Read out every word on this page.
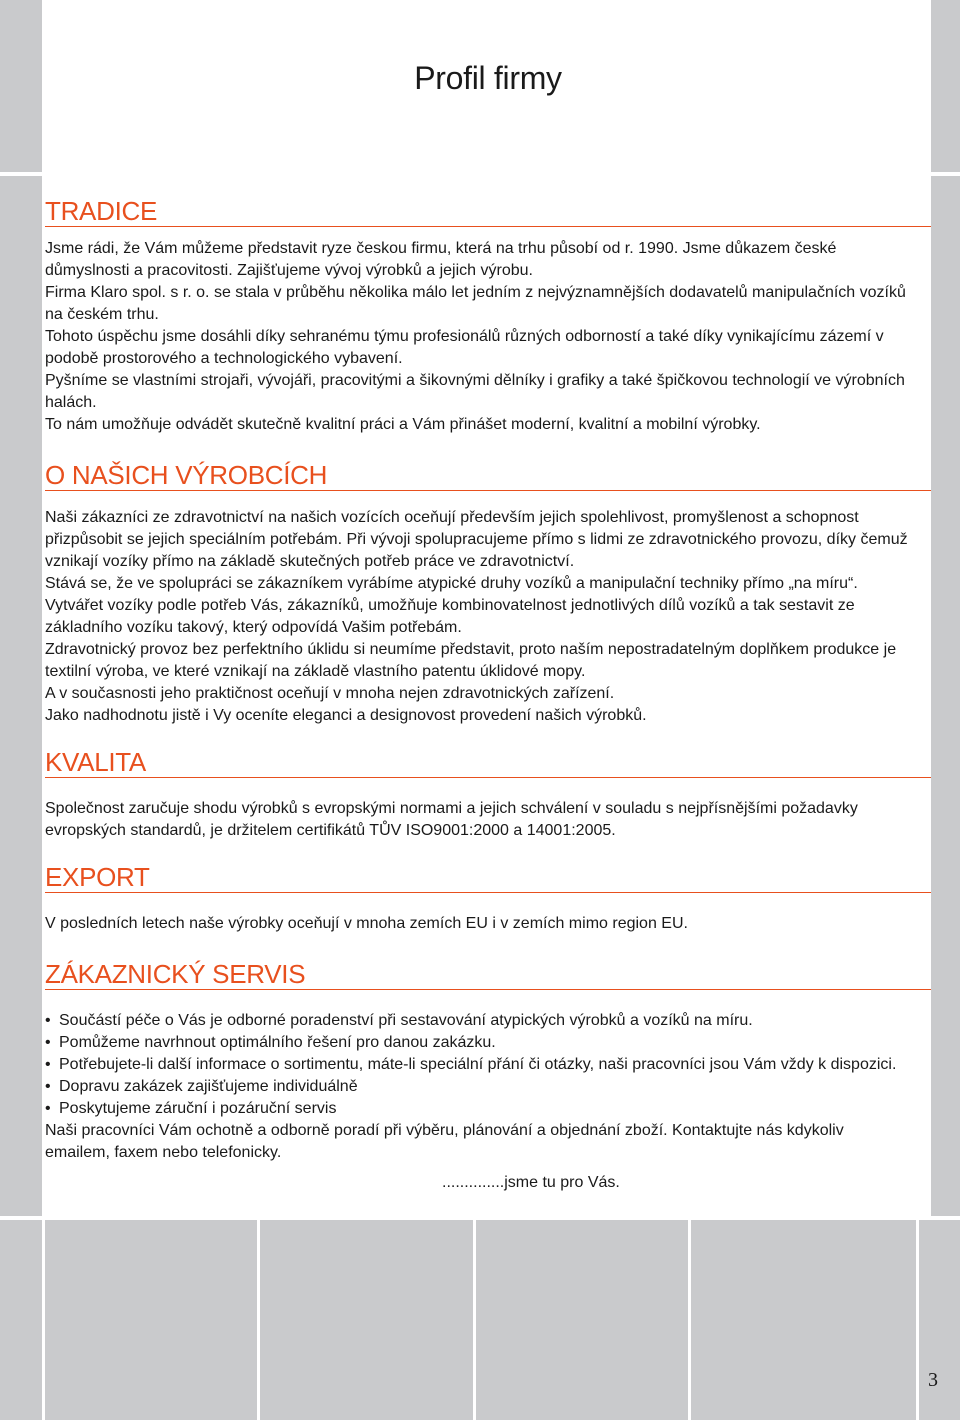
Profil firmy
TRADICE

Jsme rádi, že Vám můžeme představit ryze českou firmu, která na trhu působí od r. 1990. Jsme důkazem české důmyslnosti a pracovitosti. Zajišťujeme vývoj výrobků a jejich výrobu.

Firma Klaro spol. s r. o. se stala v průběhu několika málo let jedním z nejvýznamnějších dodavatelů manipulačních vozíků na českém trhu.

Tohoto úspěchu jsme dosáhli díky sehranému týmu profesionálů různých odborností a také díky vynikajícímu zázemí v podobě prostorového a technologického vybavení.

Pyšníme se vlastními strojaři, vývojáři, pracovitými a šikovnými dělníky i grafiky a také špičkovou technologií ve výrobních halách.

To nám umožňuje odvádět skutečně kvalitní práci a Vám přinášet moderní, kvalitní a mobilní výrobky.

O NAŠICH VÝROBCÍCH

Naši zákazníci ze zdravotnictví na našich vozících oceňují především jejich spolehlivost, promyšlenost a schopnost přizpůsobit se jejich speciálním potřebám. Při vývoji spolupracujeme přímo s lidmi ze zdravotnického provozu, díky čemuž vznikají vozíky přímo na základě skutečných potřeb práce ve zdravotnictví.

Stává se, že ve spolupráci se zákazníkem vyrábíme atypické druhy vozíků a manipulační techniky přímo „na míru“. Vytvářet vozíky podle potřeb Vás, zákazníků, umožňuje kombinovatelnost jednotlivých dílů vozíků a tak sestavit ze základního vozíku takový, který odpovídá Vašim potřebám.

Zdravotnický provoz bez perfektního úklidu si neumíme představit, proto naším nepostradatelným doplňkem produkce je textilní výroba, ve které vznikají na základě vlastního patentu úklidové mopy.

A v současnosti jeho praktičnost oceňují v mnoha nejen zdravotnických zařízení.

Jako nadhodnotu jistě i Vy oceníte eleganci a designovost provedení našich výrobků.

KVALITA

Společnost zaručuje shodu výrobků s evropskými normami a jejich schválení v souladu s nejpřísnějšími požadavky evropských standardů, je držitelem certifikátů TŮV ISO9001:2000 a 14001:2005.

EXPORT

V posledních letech naše výrobky oceňují v mnoha zemích EU i v zemích mimo region EU.

ZÁKAZNICKÝ SERVIS
• Součástí péče o Vás je odborné poradenství při sestavování atypických výrobků a vozíků na míru.
• Pomůžeme navrhnout optimálního řešení pro danou zakázku.
• Potřebujete-li další informace o sortimentu, máte-li speciální přání či otázky, naši pracovníci jsou Vám vždy k dispozici.
• Dopravu zakázek zajišťujeme individuálně
• Poskytujeme záruční i pozáruční servis

Naši pracovníci Vám ochotně a odborně poradí při výběru, plánování a objednání zboží. Kontaktujte nás kdykoliv emailem, faxem nebo telefonicky.

..............jsme tu pro Vás.

3
